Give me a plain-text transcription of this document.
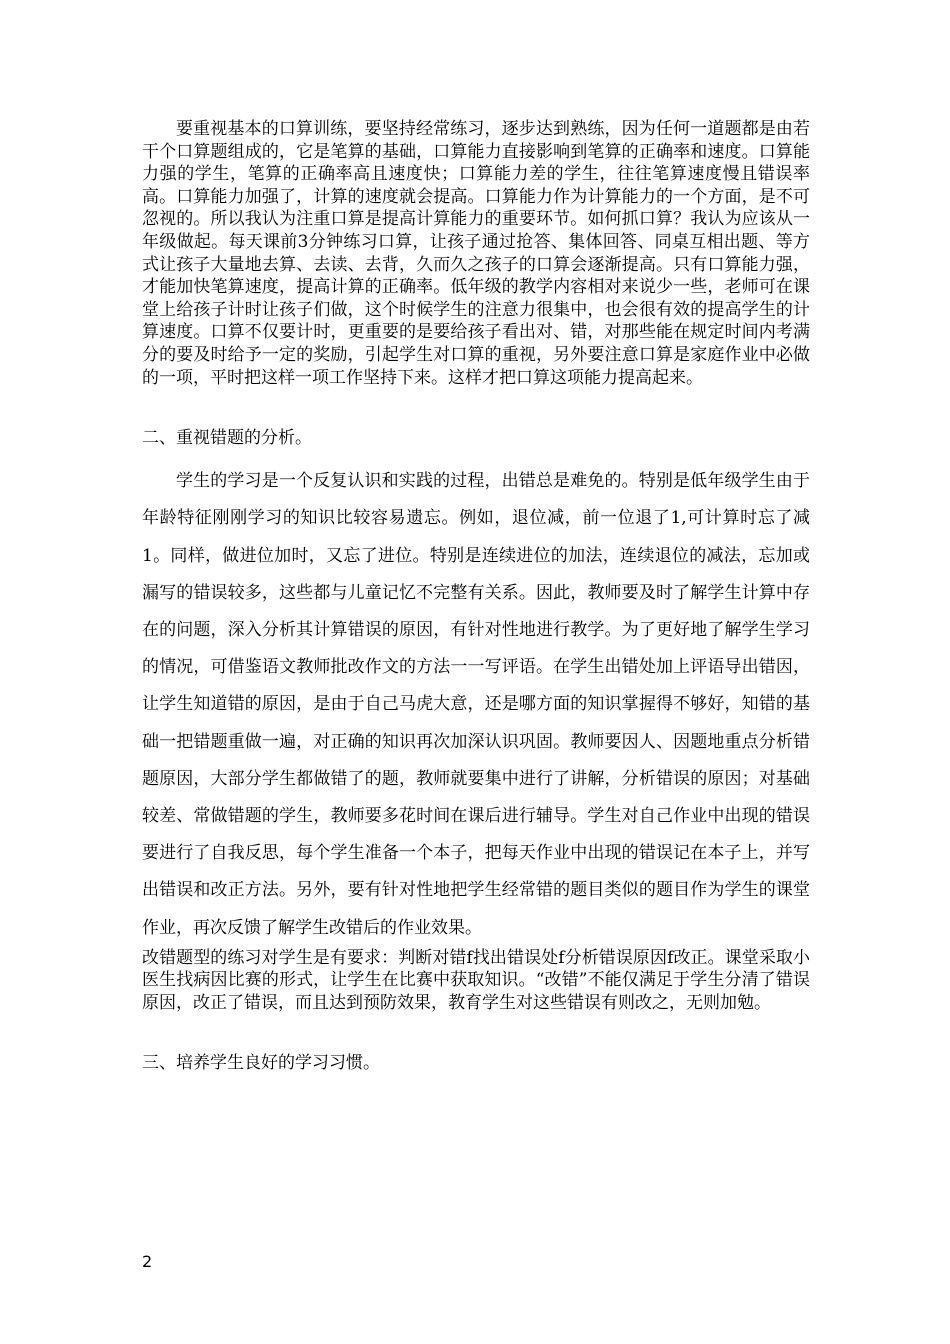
要重视基本的口算训练，要坚持经常练习，逐步达到熟练，因为任何一道题都是由若干个口算题组成的，它是笔算的基础，口算能力直接影响到笔算的正确率和速度。口算能力强的学生，笔算的正确率高且速度快；口算能力差的学生，往往笔算速度慢且错误率高。口算能力加强了，计算的速度就会提高。口算能力作为计算能力的一个方面，是不可忽视的。所以我认为注重口算是提高计算能力的重要环节。如何抓口算？我认为应该从一年级做起。每天课前3分钟练习口算，让孩子通过抢答、集体回答、同桌互相出题、等方式让孩子大量地去算、去读、去背，久而久之孩子的口算会逐渐提高。只有口算能力强，才能加快笔算速度，提高计算的正确率。低年级的教学内容相对来说少一些，老师可在课堂上给孩子计时让孩子们做，这个时候学生的注意力很集中，也会很有效的提高学生的计算速度。口算不仅要计时，更重要的是要给孩子看出对、错，对那些能在规定时间内考满分的要及时给予一定的奖励，引起学生对口算的重视，另外要注意口算是家庭作业中必做的一项，平时把这样一项工作坚持下来。这样才把口算这项能力提高起来。

二、重视错题的分析。

学生的学习是一个反复认识和实践的过程，出错总是难免的。特别是低年级学生由于年龄特征刚刚学习的知识比较容易遗忘。例如，退位减，前一位退了1,可计算时忘了减1。同样，做进位加时，又忘了进位。特别是连续进位的加法，连续退位的减法，忘加或漏写的错误较多，这些都与儿童记忆不完整有关系。因此，教师要及时了解学生计算中存在的问题，深入分析其计算错误的原因，有针对性地进行教学。为了更好地了解学生学习的情况，可借鉴语文教师批改作文的方法一一写评语。在学生出错处加上评语导出错因，让学生知道错的原因，是由于自己马虎大意，还是哪方面的知识掌握得不够好，知错的基础一把错题重做一遍，对正确的知识再次加深认识巩固。教师要因人、因题地重点分析错题原因，大部分学生都做错了的题，教师就要集中进行了讲解，分析错误的原因；对基础较差、常做错题的学生，教师要多花时间在课后进行辅导。学生对自己作业中出现的错误要进行了自我反思，每个学生准备一个本子，把每天作业中出现的错误记在本子上，并写出错误和改正方法。另外，要有针对性地把学生经常错的题目类似的题目作为学生的课堂作业，再次反馈了解学生改错后的作业效果。

改错题型的练习对学生是有要求：判断对错f找出错误处f分析错误原因f改正。课堂采取小医生找病因比赛的形式，让学生在比赛中获取知识。“改错”不能仅满足于学生分清了错误原因，改正了错误，而且达到预防效果，教育学生对这些错误有则改之，无则加勉。

三、培养学生良好的学习习惯。

2
